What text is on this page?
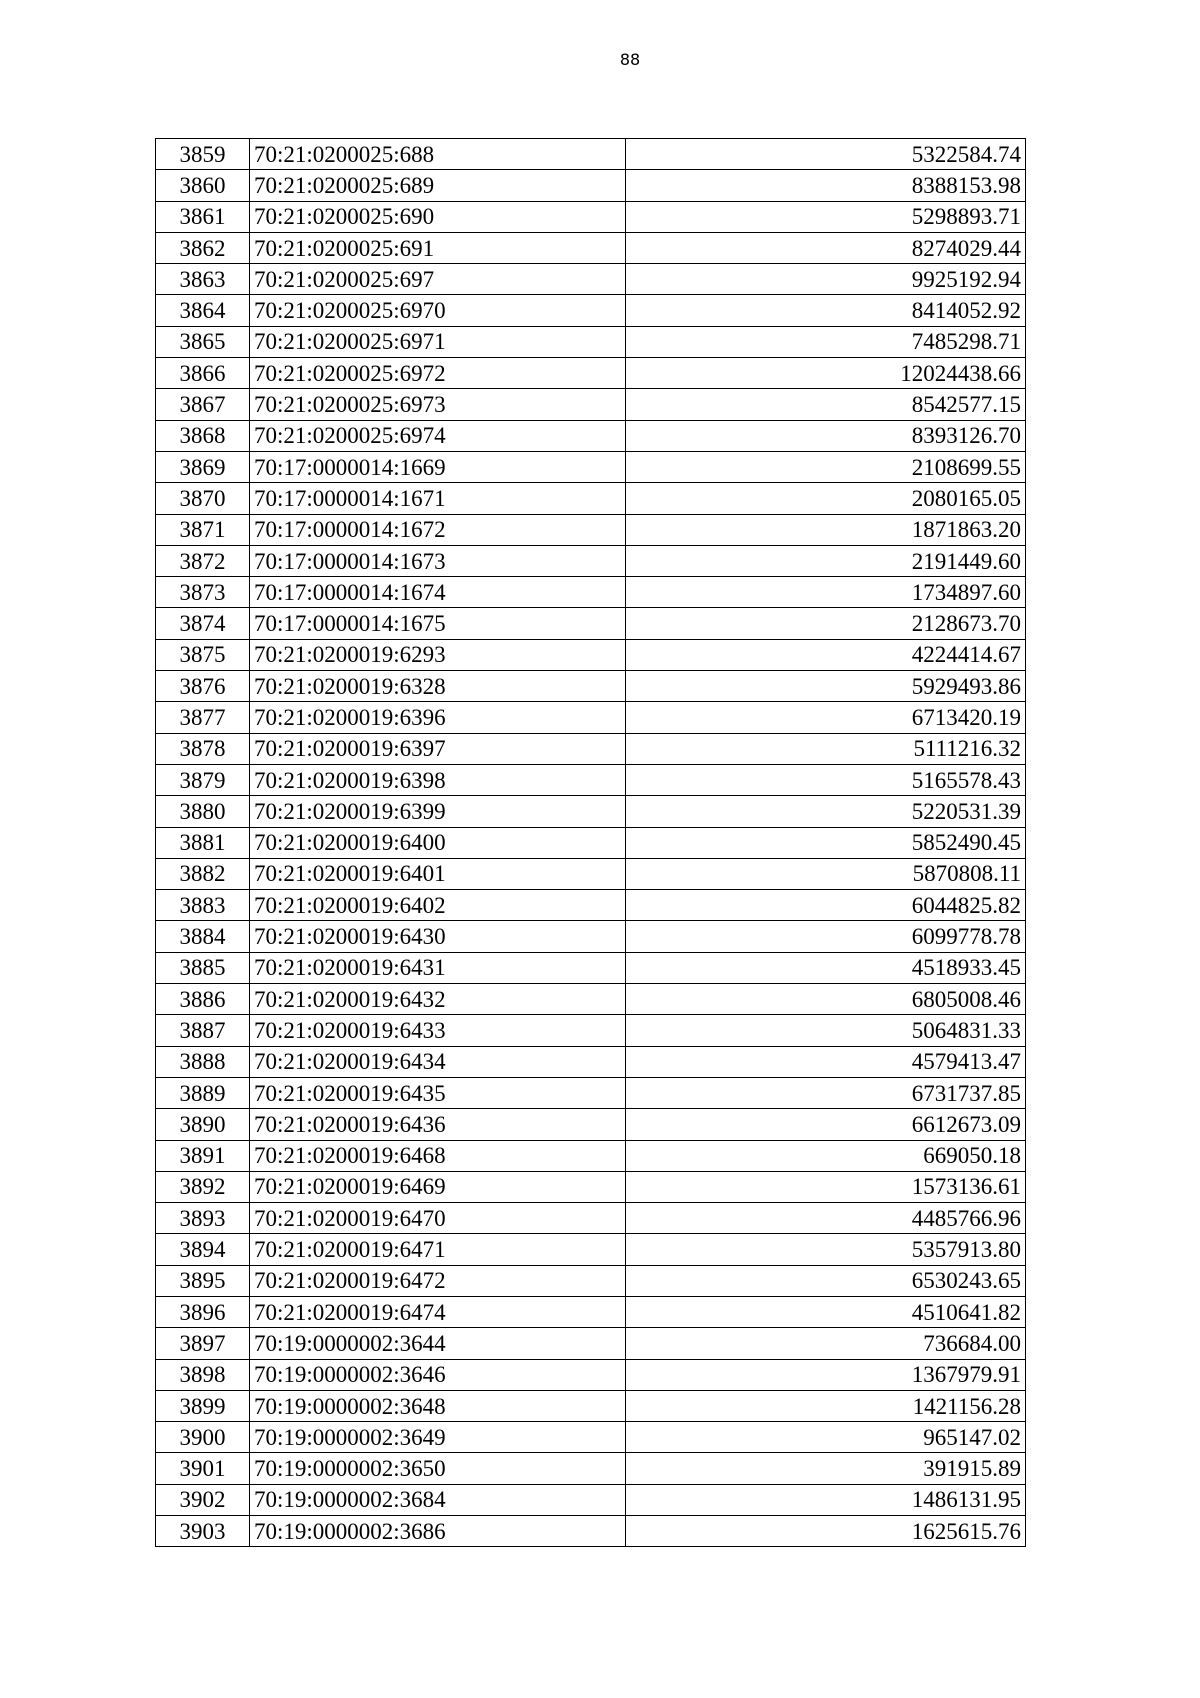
88
3859	70:21:0200025:688	5322584.74
3860	70:21:0200025:689	8388153.98
3861	70:21:0200025:690	5298893.71
3862	70:21:0200025:691	8274029.44
3863	70:21:0200025:697	9925192.94
3864	70:21:0200025:6970	8414052.92
3865	70:21:0200025:6971	7485298.71
3866	70:21:0200025:6972	12024438.66
3867	70:21:0200025:6973	8542577.15
3868	70:21:0200025:6974	8393126.70
3869	70:17:0000014:1669	2108699.55
3870	70:17:0000014:1671	2080165.05
3871	70:17:0000014:1672	1871863.20
3872	70:17:0000014:1673	2191449.60
3873	70:17:0000014:1674	1734897.60
3874	70:17:0000014:1675	2128673.70
3875	70:21:0200019:6293	4224414.67
3876	70:21:0200019:6328	5929493.86
3877	70:21:0200019:6396	6713420.19
3878	70:21:0200019:6397	5111216.32
3879	70:21:0200019:6398	5165578.43
3880	70:21:0200019:6399	5220531.39
3881	70:21:0200019:6400	5852490.45
3882	70:21:0200019:6401	5870808.11
3883	70:21:0200019:6402	6044825.82
3884	70:21:0200019:6430	6099778.78
3885	70:21:0200019:6431	4518933.45
3886	70:21:0200019:6432	6805008.46
3887	70:21:0200019:6433	5064831.33
3888	70:21:0200019:6434	4579413.47
3889	70:21:0200019:6435	6731737.85
3890	70:21:0200019:6436	6612673.09
3891	70:21:0200019:6468	669050.18
3892	70:21:0200019:6469	1573136.61
3893	70:21:0200019:6470	4485766.96
3894	70:21:0200019:6471	5357913.80
3895	70:21:0200019:6472	6530243.65
3896	70:21:0200019:6474	4510641.82
3897	70:19:0000002:3644	736684.00
3898	70:19:0000002:3646	1367979.91
3899	70:19:0000002:3648	1421156.28
3900	70:19:0000002:3649	965147.02
3901	70:19:0000002:3650	391915.89
3902	70:19:0000002:3684	1486131.95
3903	70:19:0000002:3686	1625615.76
